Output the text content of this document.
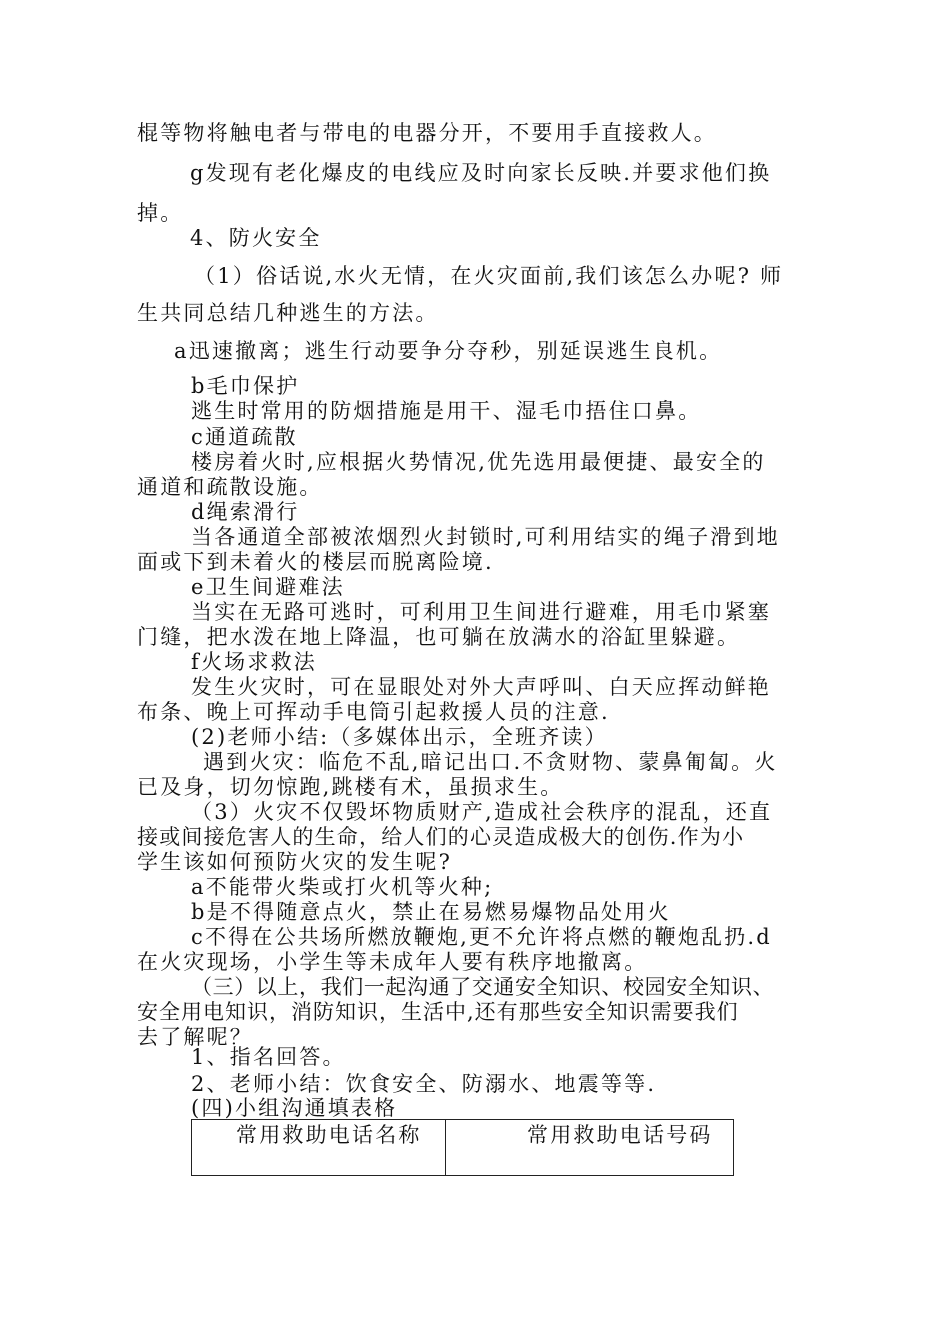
棍等物将触电者与带电的电器分开，不要用手直接救人。
g发现有老化爆皮的电线应及时向家长反映.并要求他们换
掉。
4、防火安全
（1）俗话说,水火无情，在火灾面前,我们该怎么办呢? 师
生共同总结几种逃生的方法。
a迅速撤离；逃生行动要争分夺秒，别延误逃生良机。
b毛巾保护
逃生时常用的防烟措施是用干、湿毛巾捂住口鼻。
c通道疏散
楼房着火时,应根据火势情况,优先选用最便捷、最安全的
通道和疏散设施。
d绳索滑行
当各通道全部被浓烟烈火封锁时,可利用结实的绳子滑到地
面或下到未着火的楼层而脱离险境.
e卫生间避难法
当实在无路可逃时，可利用卫生间进行避难，用毛巾紧塞
门缝，把水泼在地上降温，也可躺在放满水的浴缸里躲避。
f火场求救法
发生火灾时，可在显眼处对外大声呼叫、白天应挥动鲜艳
布条、晚上可挥动手电筒引起救援人员的注意.
(2)老师小结:（多媒体出示，全班齐读）
遇到火灾：临危不乱,暗记出口.不贪财物、蒙鼻匍匐。火
已及身，切勿惊跑,跳楼有术，虽损求生。
（3）火灾不仅毁坏物质财产,造成社会秩序的混乱，还直
接或间接危害人的生命，给人们的心灵造成极大的创伤.作为小
学生该如何预防火灾的发生呢?
a不能带火柴或打火机等火种;
b是不得随意点火，禁止在易燃易爆物品处用火
c不得在公共场所燃放鞭炮,更不允许将点燃的鞭炮乱扔.d
在火灾现场，小学生等未成年人要有秩序地撤离。
（三）以上，我们一起沟通了交通安全知识、校园安全知识、
安全用电知识，消防知识，生活中,还有那些安全知识需要我们
去了解呢？
1、指名回答。
2、老师小结：饮食安全、防溺水、地震等等.
(四)小组沟通填表格
常用救助电话名称	常用救助电话号码
